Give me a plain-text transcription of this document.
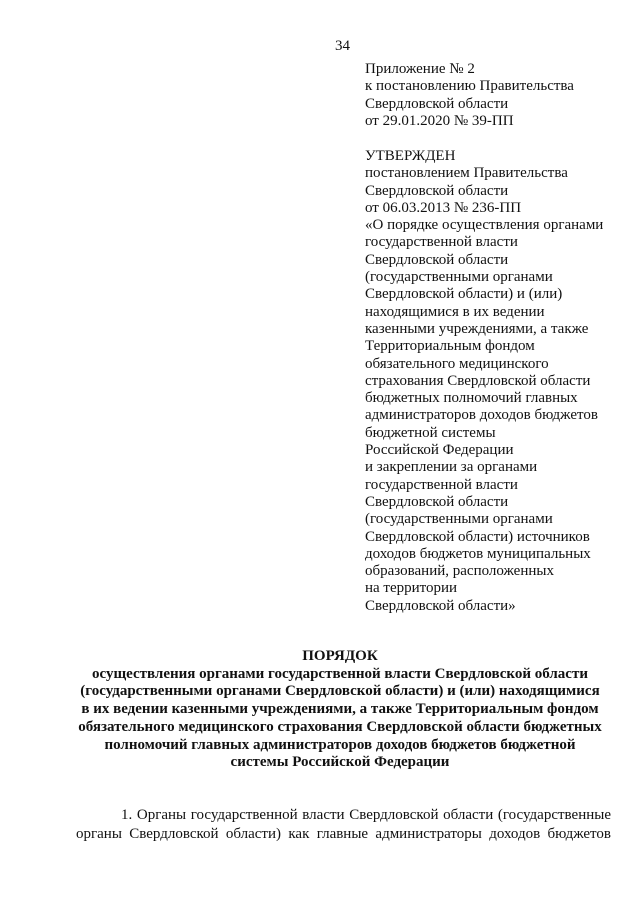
34
Приложение № 2
к постановлению Правительства
Свердловской области
от 29.01.2020 № 39-ПП
УТВЕРЖДЕН
постановлением Правительства
Свердловской области
от 06.03.2013 № 236-ПП
«О порядке осуществления органами
государственной власти
Свердловской области
(государственными органами
Свердловской области) и (или)
находящимися в их ведении
казенными учреждениями, а также
Территориальным фондом
обязательного медицинского
страхования Свердловской области
бюджетных полномочий главных
администраторов доходов бюджетов
бюджетной системы
Российской Федерации
и закреплении за органами
государственной власти
Свердловской области
(государственными органами
Свердловской области) источников
доходов бюджетов муниципальных
образований, расположенных
на территории
Свердловской области»
ПОРЯДОК
осуществления органами государственной власти Свердловской области
(государственными органами Свердловской области) и (или) находящимися
в их ведении казенными учреждениями, а также Территориальным фондом
обязательного медицинского страхования Свердловской области бюджетных
полномочий главных администраторов доходов бюджетов бюджетной
системы Российской Федерации
1. Органы государственной власти Свердловской области (государственные
органы Свердловской области) как главные администраторы доходов бюджетов
